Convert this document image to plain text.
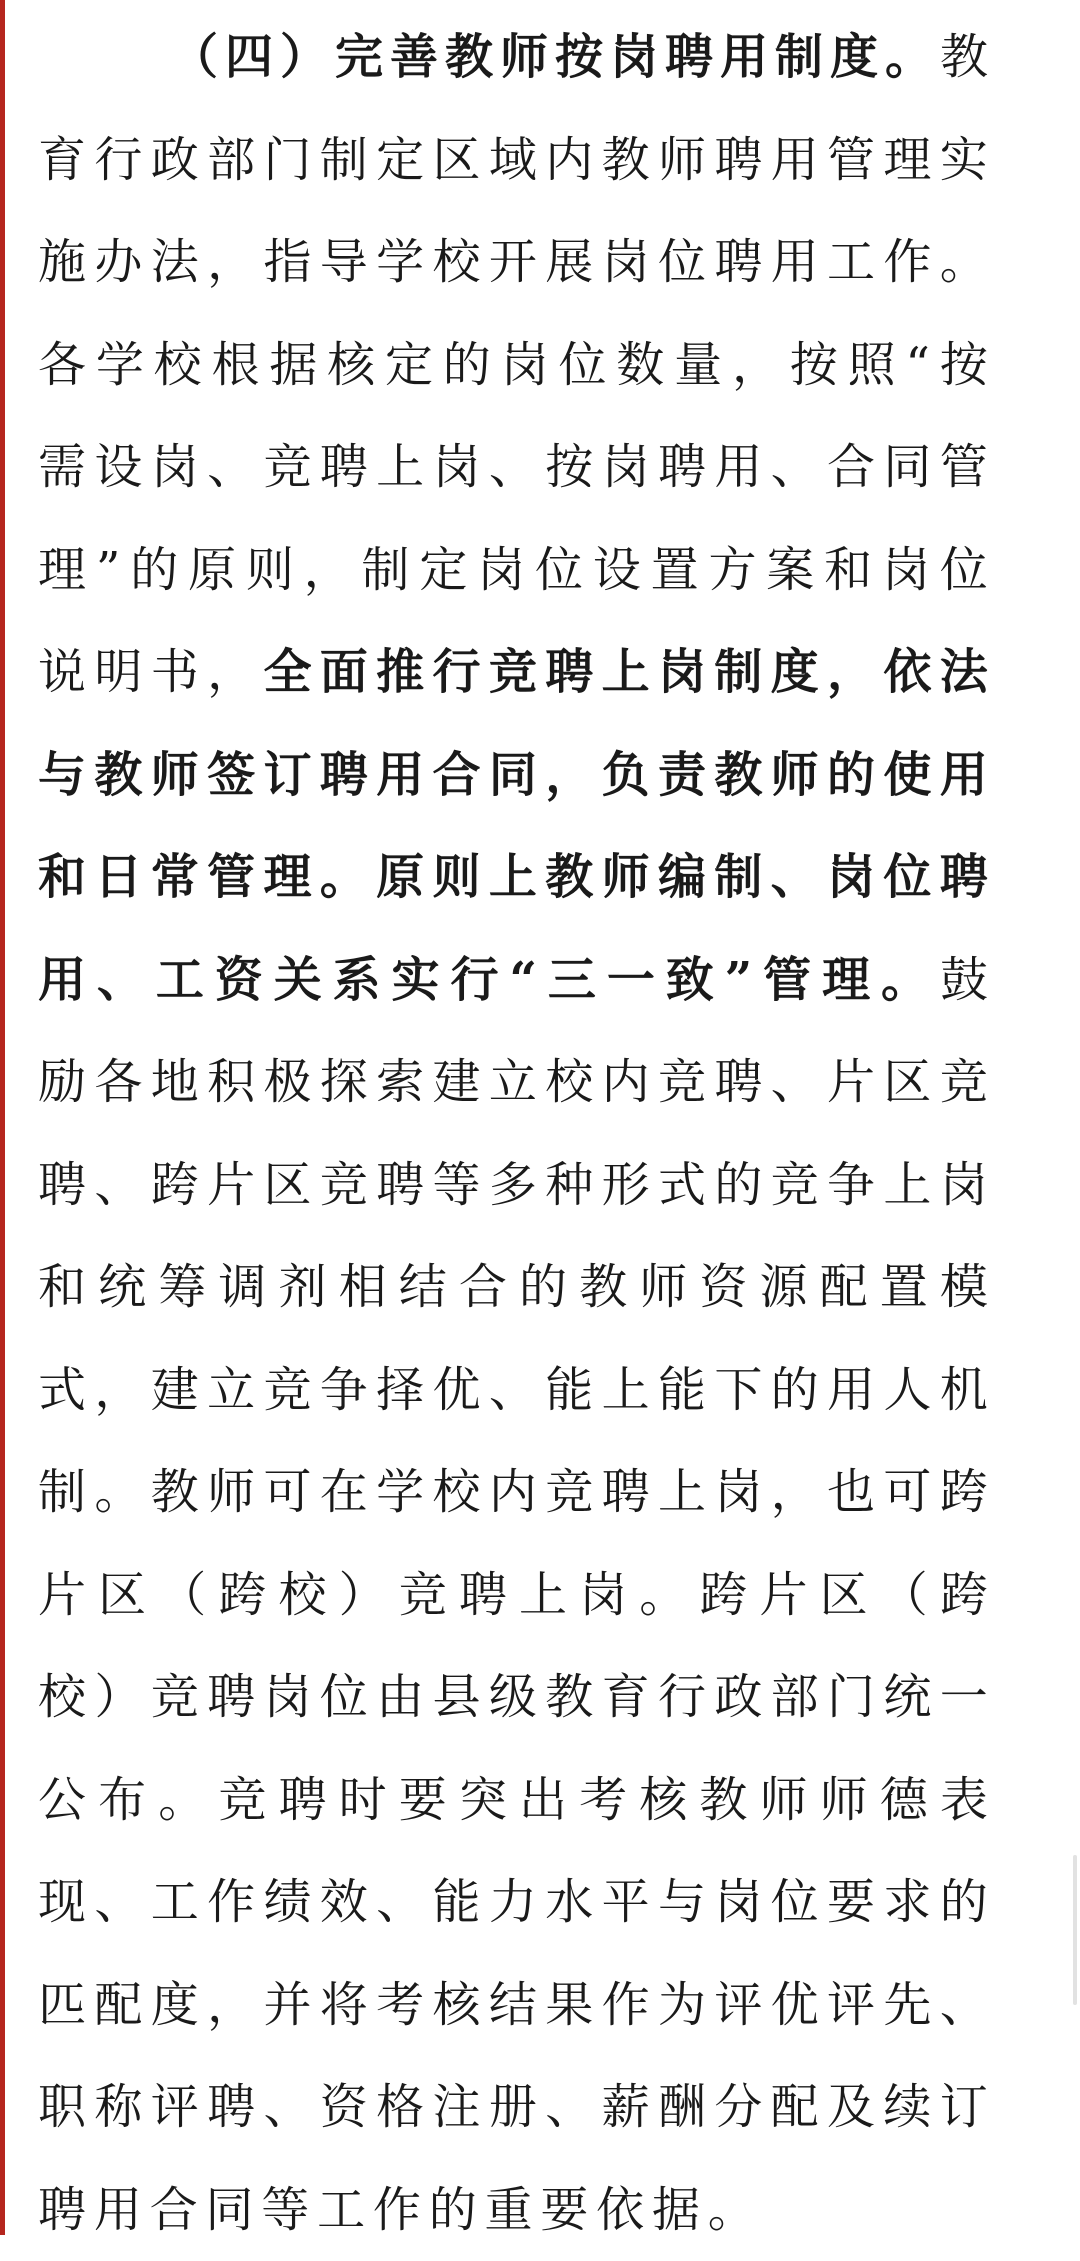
（ 四 ） 完 善 教 师 按 岗 聘 用 制 度 。 教
育 行 政 部 门 制 定 区 域 内 教 师 聘 用 管 理 实
施 办 法 ， 指 导 学 校 开 展 岗 位 聘 用 工 作 。
各 学 校 根 据 核 定 的 岗 位 数 量 ， 按 照 “ 按
需 设 岗 、 竞 聘 上 岗 、 按 岗 聘 用 、 合 同 管
理 ” 的 原 则 ， 制 定 岗 位 设 置 方 案 和 岗 位
说 明 书 ， 全 面 推 行 竞 聘 上 岗 制 度 ， 依 法
与 教 师 签 订 聘 用 合 同 ， 负 责 教 师 的 使 用
和 日 常 管 理 。 原 则 上 教 师 编 制 、 岗 位 聘
用 、 工 资 关 系 实 行 “ 三 一 致 ” 管 理 。 鼓
励 各 地 积 极 探 索 建 立 校 内 竞 聘 、 片 区 竞
聘 、 跨 片 区 竞 聘 等 多 种 形 式 的 竞 争 上 岗
和 统 筹 调 剂 相 结 合 的 教 师 资 源 配 置 模
式 ， 建 立 竞 争 择 优 、 能 上 能 下 的 用 人 机
制 。 教 师 可 在 学 校 内 竞 聘 上 岗 ， 也 可 跨
片 区 （ 跨 校 ） 竞 聘 上 岗 。 跨 片 区 （ 跨
校 ） 竞 聘 岗 位 由 县 级 教 育 行 政 部 门 统 一
公 布 。 竞 聘 时 要 突 出 考 核 教 师 师 德 表
现 、 工 作 绩 效 、 能 力 水 平 与 岗 位 要 求 的
匹 配 度 ， 并 将 考 核 结 果 作 为 评 优 评 先 、
职 称 评 聘 、 资 格 注 册 、 薪 酬 分 配 及 续 订
聘 用 合 同 等 工 作 的 重 要 依 据 。
